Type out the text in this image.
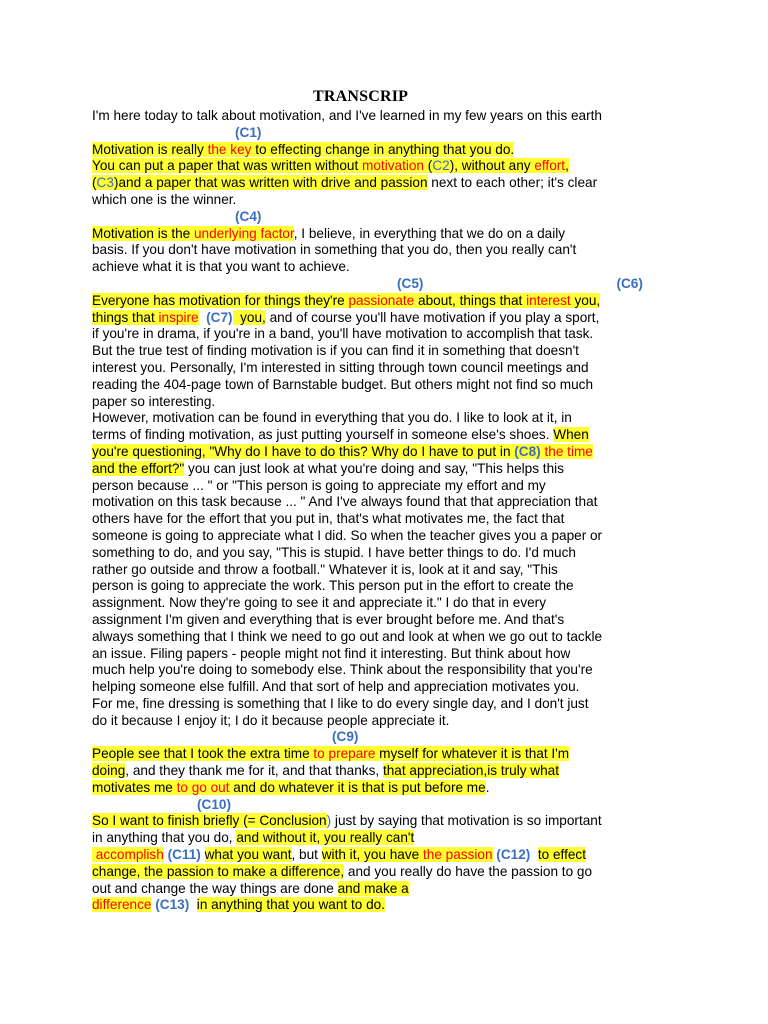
TRANSCRIP
I'm here today to talk about motivation, and I've learned in my few years on this earth
(C1)
Motivation is really the key to effecting change in anything that you do.
You can put a paper that was written without motivation (C2), without any effort,
(C3)and a paper that was written with drive and passion next to each other; it's clear
which one is the winner.
(C4)
Motivation is the underlying factor, I believe, in everything that we do on a daily
basis. If you don't have motivation in something that you do, then you really can't
achieve what it is that you want to achieve.
(C5)	(C6)
Everyone has motivation for things they're passionate about, things that interest you,
things that inspire  (C7)  you, and of course you'll have motivation if you play a sport,
if you're in drama, if you're in a band, you'll have motivation to accomplish that task.
But the true test of finding motivation is if you can find it in something that doesn't
interest you. Personally, I'm interested in sitting through town council meetings and
reading the 404-page town of Barnstable budget. But others might not find so much
paper so interesting.
However, motivation can be found in everything that you do. I like to look at it, in
terms of finding motivation, as just putting yourself in someone else's shoes. When
you're questioning, "Why do I have to do this? Why do I have to put in (C8) the time
and the effort?" you can just look at what you're doing and say, "This helps this
person because ... " or "This person is going to appreciate my effort and my
motivation on this task because ... " And I've always found that that appreciation that
others have for the effort that you put in, that's what motivates me, the fact that
someone is going to appreciate what I did. So when the teacher gives you a paper or
something to do, and you say, "This is stupid. I have better things to do. I'd much
rather go outside and throw a football." Whatever it is, look at it and say, "This
person is going to appreciate the work. This person put in the effort to create the
assignment. Now they're going to see it and appreciate it." I do that in every
assignment I'm given and everything that is ever brought before me. And that's
always something that I think we need to go out and look at when we go out to tackle
an issue. Filing papers - people might not find it interesting. But think about how
much help you're doing to somebody else. Think about the responsibility that you're
helping someone else fulfill. And that sort of help and appreciation motivates you.
For me, fine dressing is something that I like to do every single day, and I don't just
do it because I enjoy it; I do it because people appreciate it.
(C9)
People see that I took the extra time to prepare myself for whatever it is that I'm
doing, and they thank me for it, and that thanks, that appreciation,is truly what
motivates me to go out and do whatever it is that is put before me.
(C10)
So I want to finish briefly (= Conclusion) just by saying that motivation is so important
in anything that you do, and without it, you really can't
accomplish (C11) what you want, but with it, you have the passion (C12) to effect
change, the passion to make a difference, and you really do have the passion to go
out and change the way things are done and make a
difference (C13) in anything that you want to do.
